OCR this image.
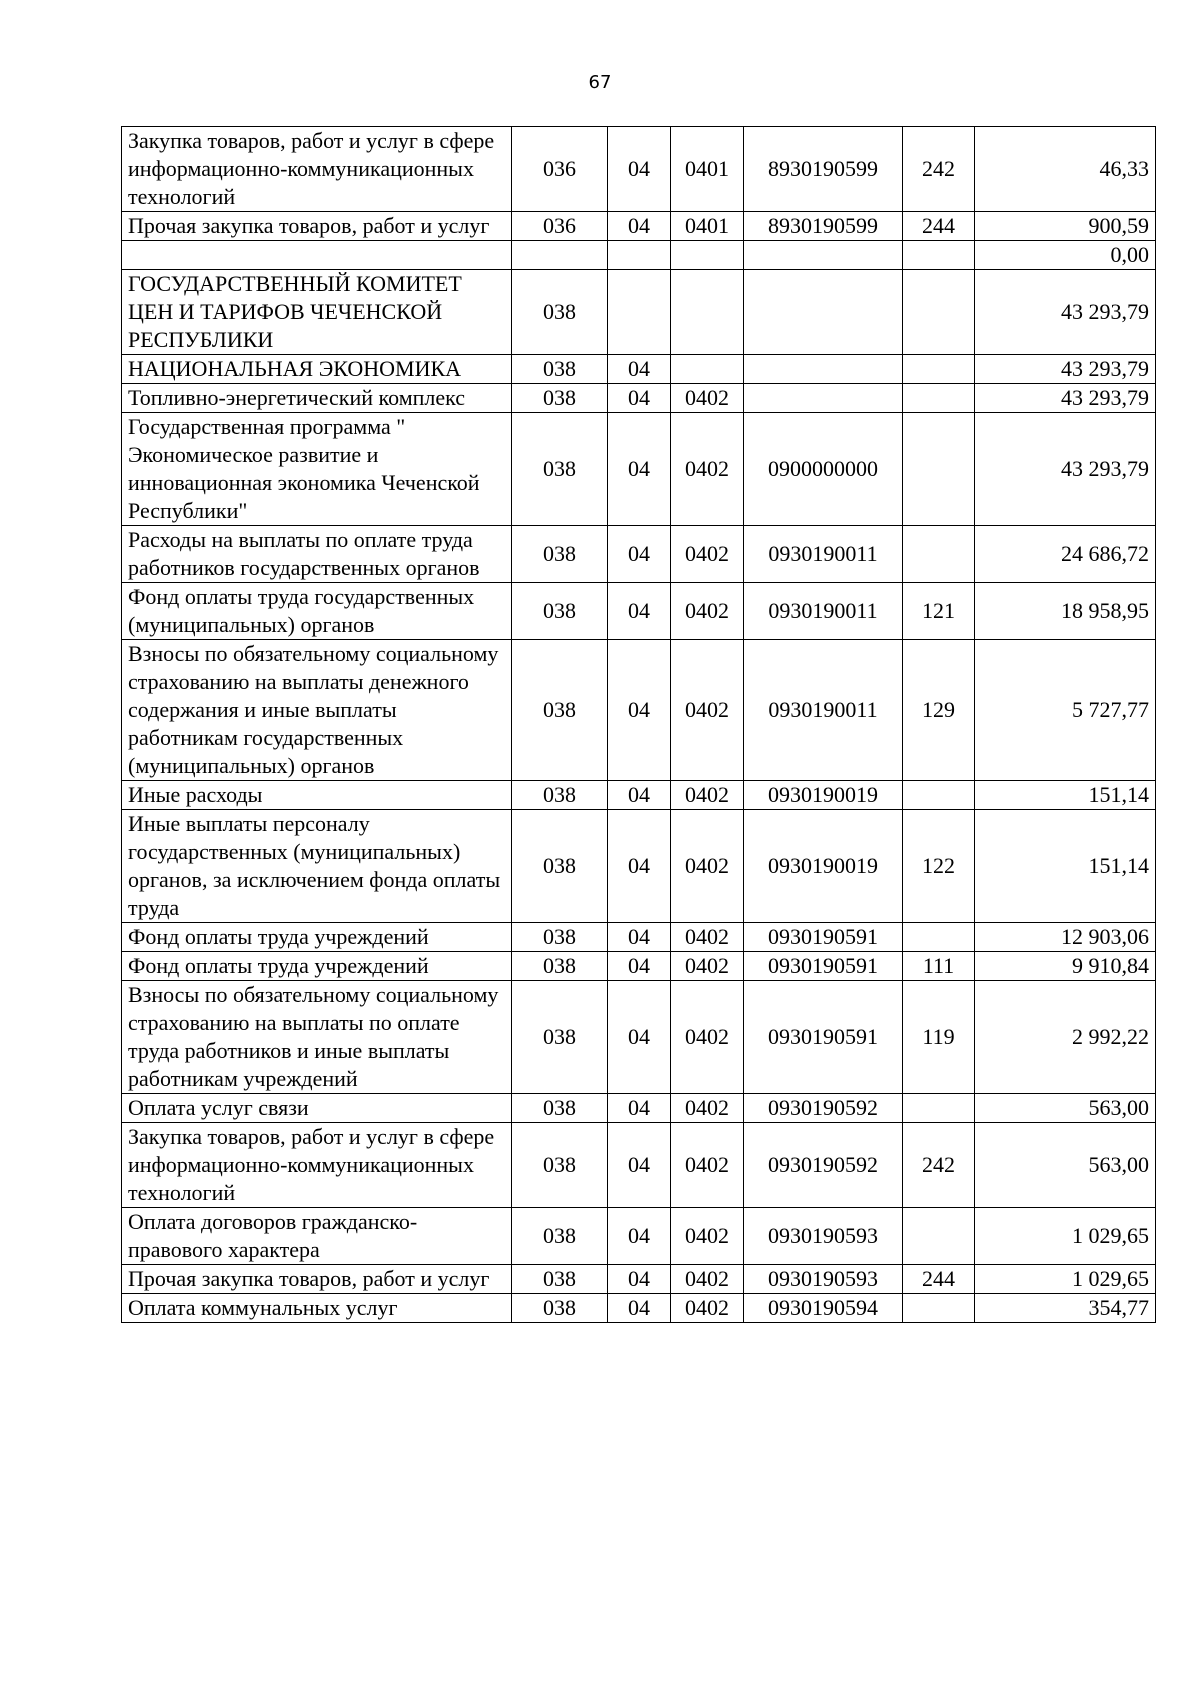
67
Закупка товаров, работ и услуг в сфере информационно-коммуникационных технологий	036	04	0401	8930190599	242	46,33
Прочая закупка товаров, работ и услуг	036	04	0401	8930190599	244	900,59
						0,00
ГОСУДАРСТВЕННЫЙ КОМИТЕТ ЦЕН И ТАРИФОВ ЧЕЧЕНСКОЙ РЕСПУБЛИКИ	038					43 293,79
НАЦИОНАЛЬНАЯ ЭКОНОМИКА	038	04				43 293,79
Топливно-энергетический комплекс	038	04	0402			43 293,79
Государственная программа " Экономическое развитие и инновационная экономика Чеченской Республики"	038	04	0402	0900000000		43 293,79
Расходы на выплаты по оплате труда работников государственных органов	038	04	0402	0930190011		24 686,72
Фонд оплаты труда государственных (муниципальных) органов	038	04	0402	0930190011	121	18 958,95
Взносы по обязательному социальному страхованию на выплаты денежного содержания и иные выплаты работникам государственных (муниципальных) органов	038	04	0402	0930190011	129	5 727,77
Иные расходы	038	04	0402	0930190019		151,14
Иные выплаты персоналу государственных (муниципальных) органов, за исключением фонда оплаты труда	038	04	0402	0930190019	122	151,14
Фонд оплаты труда учреждений	038	04	0402	0930190591		12 903,06
Фонд оплаты труда учреждений	038	04	0402	0930190591	111	9 910,84
Взносы по обязательному социальному страхованию на выплаты по оплате труда работников и иные выплаты работникам учреждений	038	04	0402	0930190591	119	2 992,22
Оплата услуг связи	038	04	0402	0930190592		563,00
Закупка товаров, работ и услуг в сфере информационно-коммуникационных технологий	038	04	0402	0930190592	242	563,00
Оплата договоров гражданско-правового характера	038	04	0402	0930190593		1 029,65
Прочая закупка товаров, работ и услуг	038	04	0402	0930190593	244	1 029,65
Оплата коммунальных услуг	038	04	0402	0930190594		354,77
